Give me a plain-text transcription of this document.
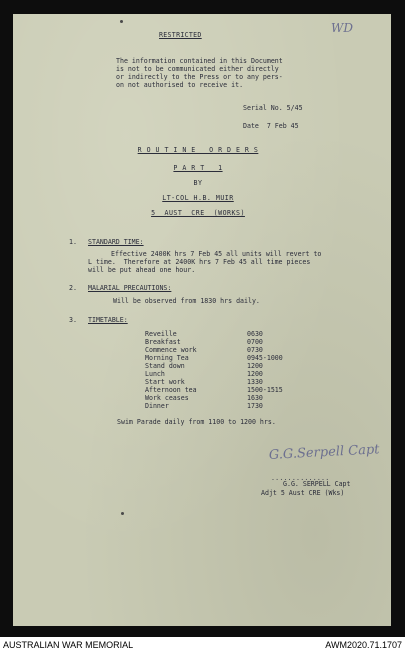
RESTRICTED	WD
The information contained in this Document
is not to be communicated either directly
or indirectly to the Press or to any pers-
on not authorised to receive it.
Serial No. 5/45
Date  7 Feb 45
R O U T I N E   O R D E R S
P A R T   1
BY
LT-COL H.B. MUIR
5  AUST  CRE  (WORKS)
1. STANDARD TIME:
Effective 2400K hrs 7 Feb 45 all units will revert to
L time.  Therefore at 2400K hrs 7 Feb 45 all time pieces
will be put ahead one hour.
2. MALARIAL PRECAUTIONS:
Will be observed from 1830 hrs daily.
3. TIMETABLE:
Reveille	0630
Breakfast	0700
Commence work	0730
Morning Tea	0945-1000
Stand down	1200
Lunch	1200
Start work	1330
Afternoon tea	1500-1515
Work ceases	1630
Dinner	1730
Swim Parade daily from 1100 to 1200 hrs.
G.G.Serpell Capt
..............
G.G. SERPELL Capt
Adjt 5 Aust CRE (Wks)
AUSTRALIAN WAR MEMORIAL	AWM2020.71.1707
